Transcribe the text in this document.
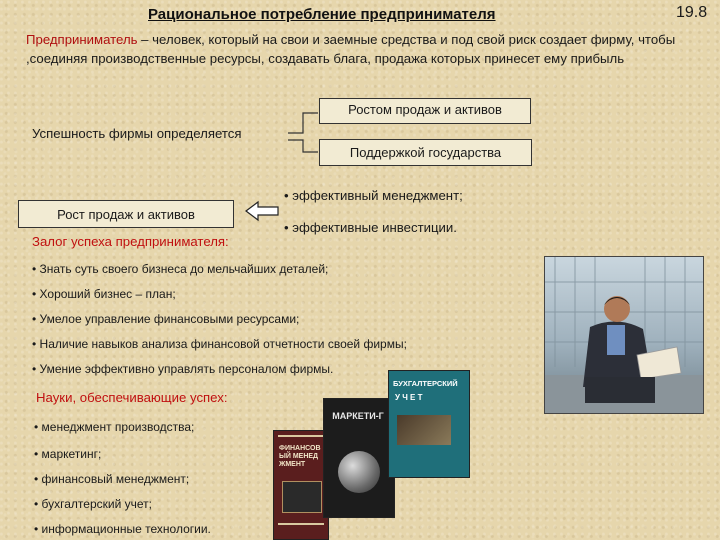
Рациональное потребление предпринимателя	19.8
Предприниматель – человек, который на свои и заемные средства и под свой риск создает фирму, чтобы ,соединяя производственные ресурсы, создавать блага, продажа которых принесет ему прибыль
Успешность фирмы определяется
Ростом продаж и активов
Поддержкой государства
Рост продаж и активов
• эффективный менеджмент;
• эффективные инвестиции.
Залог успеха предпринимателя:
• Знать суть своего бизнеса до мельчайших деталей;
• Хороший бизнес – план;
• Умелое управление финансовыми ресурсами;
• Наличие навыков анализа финансовой отчетности своей фирмы;
• Умение эффективно управлять персоналом фирмы.
Науки, обеспечивающие успех:
• менеджмент производства;
• маркетинг;
• финансовый менеджмент;
• бухгалтерский учет;
• информационные технологии.
ФИНАНСОВЫЙ МЕНЕДЖМЕНТ
МАРКЕТИ-Г
БУХГАЛТЕРСКИЙ
У Ч Е Т
